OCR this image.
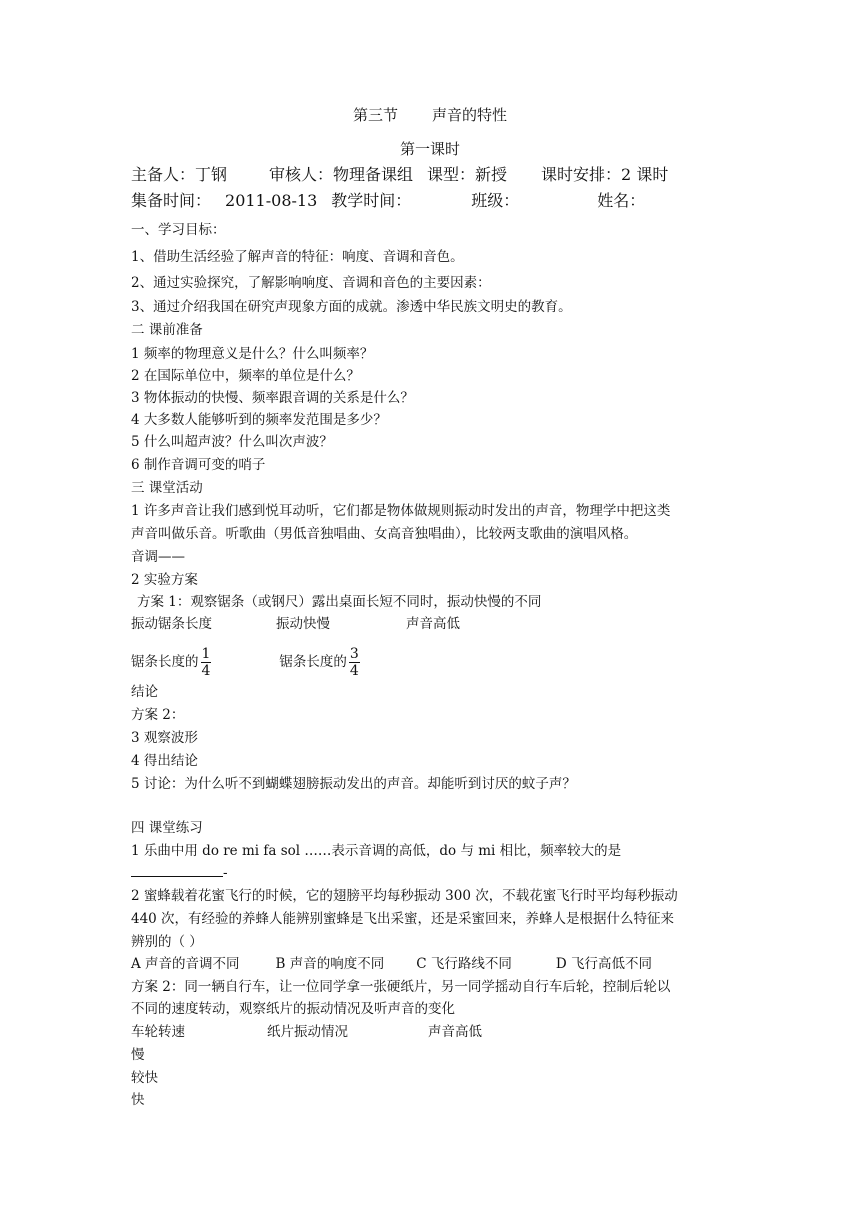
第三节 声音的特性
第一课时
主备人：丁钢	审核人：物理备课组 课型：新授 课时安排：2 课时
集备时间： 2011-08-13 教学时间：	班级：	姓名：
一、学习目标：
1、借助生活经验了解声音的特征：响度、音调和音色。
2、通过实验探究，了解影响响度、音调和音色的主要因素：
3、通过介绍我国在研究声现象方面的成就。渗透中华民族文明史的教育。
二 课前准备
1 频率的物理意义是什么？什么叫频率？
2 在国际单位中，频率的单位是什么？
3 物体振动的快慢、频率跟音调的关系是什么？
4 大多数人能够听到的频率发范围是多少？
5 什么叫超声波？什么叫次声波？
6 制作音调可变的哨子
三 课堂活动
1 许多声音让我们感到悦耳动听，它们都是物体做规则振动时发出的声音，物理学中把这类
声音叫做乐音。听歌曲（男低音独唱曲、女高音独唱曲），比较两支歌曲的演唱风格。
音调——
2 实验方案
方案 1：观察锯条（或钢尺）露出桌面长短不同时，振动快慢的不同
振动锯条长度	振动快慢	声音高低
锯条长度的 $\frac{1}{4}$	锯条长度的 $\frac{3}{4}$
结论
方案 2：
3 观察波形
4 得出结论
5 讨论：为什么听不到蝴蝶翅膀振动发出的声音。却能听到讨厌的蚊子声？
四 课堂练习
1 乐曲中用 do re mi fa sol ……表示音调的高低，do 与 mi 相比，频率较大的是
-
2 蜜蜂载着花蜜飞行的时候，它的翅膀平均每秒振动 300 次，不载花蜜飞行时平均每秒振动
440 次，有经验的养蜂人能辨别蜜蜂是飞出采蜜，还是采蜜回来，养蜂人是根据什么特征来
辨别的（ ）
A 声音的音调不同	B 声音的响度不同 C 飞行路线不同	D 飞行高低不同
方案 2：同一辆自行车，让一位同学拿一张硬纸片，另一同学摇动自行车后轮，控制后轮以
不同的速度转动，观察纸片的振动情况及听声音的变化
车轮转速	纸片振动情况	声音高低
慢
较快
快
